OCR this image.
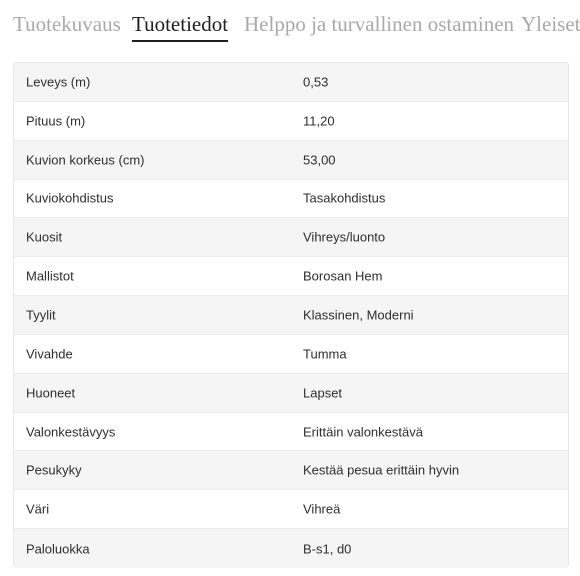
Tuotekuvaus Tuotetiedot Helppo ja turvallinen ostaminen Yleiset
Leveys (m)	0,53
Pituus (m)	11,20
Kuvion korkeus (cm)	53,00
Kuviokohdistus	Tasakohdistus
Kuosit	Vihreys/luonto
Mallistot	Borosan Hem
Tyylit	Klassinen, Moderni
Vivahde	Tumma
Huoneet	Lapset
Valonkestävyys	Erittäin valonkestävä
Pesukyky	Kestää pesua erittäin hyvin
Väri	Vihreä
Paloluokka	B-s1, d0
